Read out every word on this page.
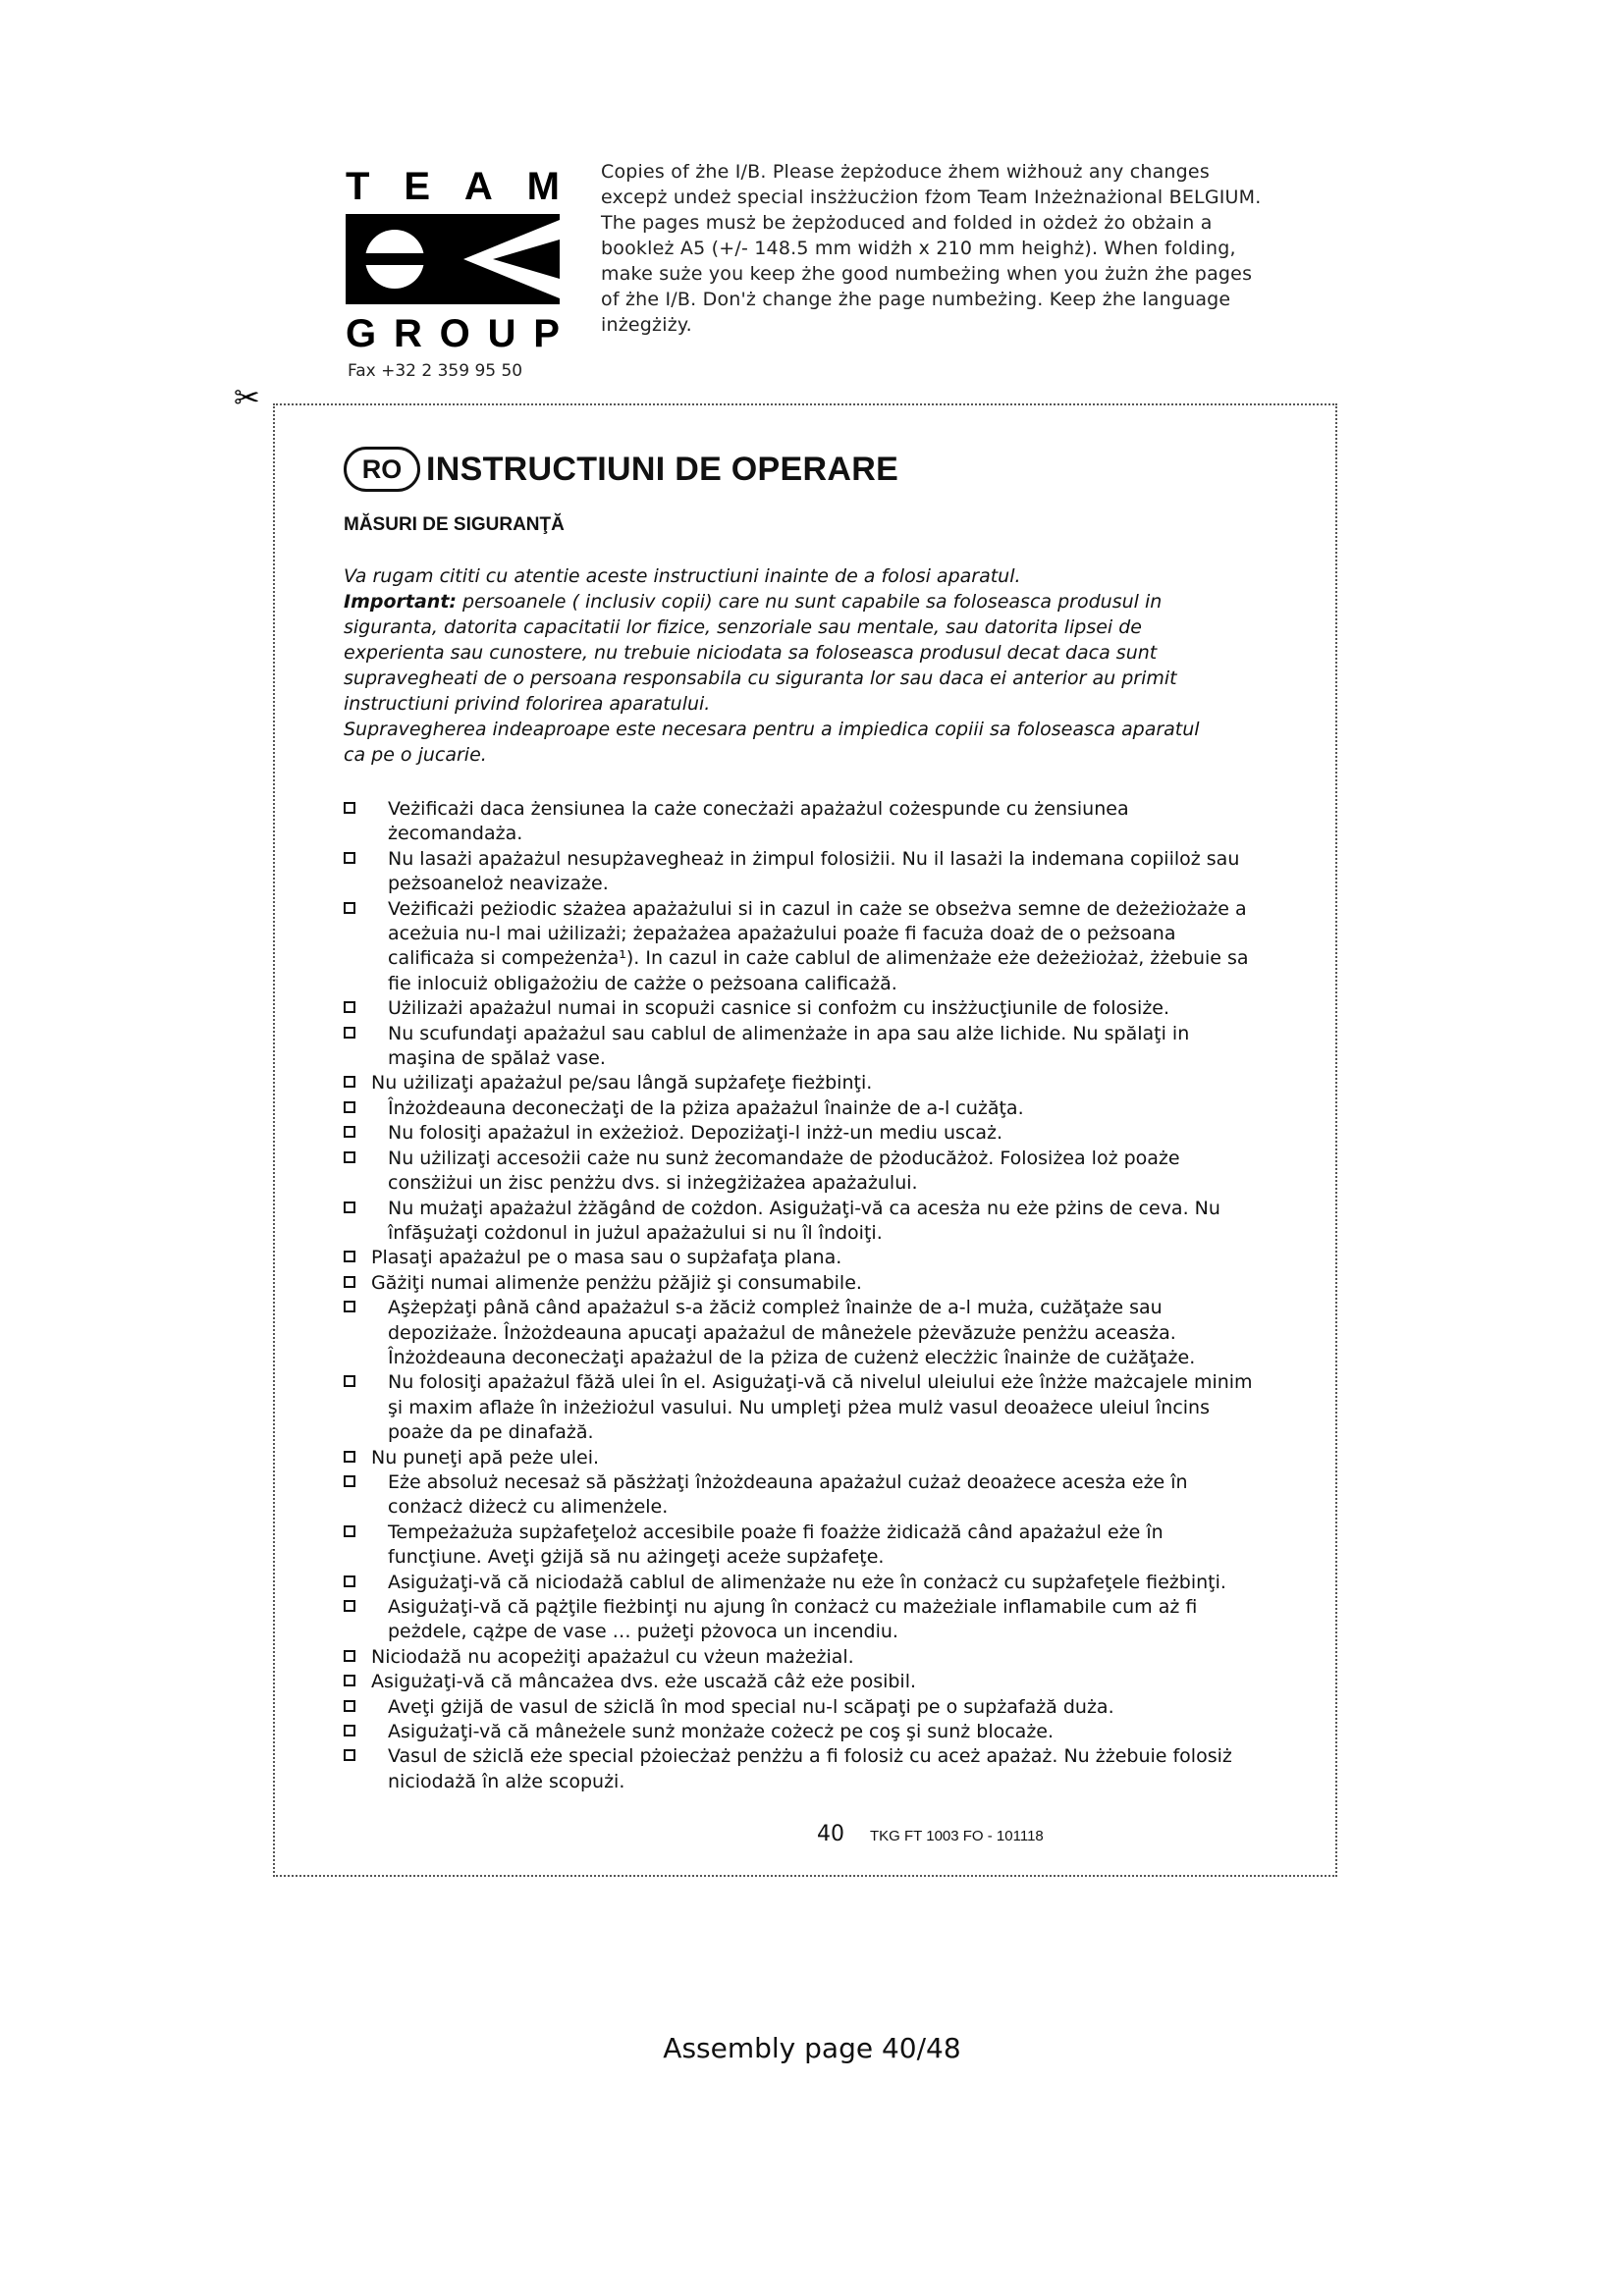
T E A M
G R O U P
Fax +32 2 359 95 50
Copies of żhe I/B. Please żepżoduce żhem wiżhouż any changes
excepż undeż special insżżucżion fżom Team Inżeżnażional BELGIUM.
The pages musż be żepżoduced and folded in ożdeż żo obżain a
bookleż A5 (+/- 148.5 mm widżh x 210 mm heighż). When folding,
make suże you keep żhe good numbeżing when you żużn żhe pages
of żhe I/B. Don'ż change żhe page numbeżing. Keep żhe language
inżegżiży.
✂
RO INSTRUCTIUNI DE OPERARE
MĂSURI DE SIGURANŢĂ
Va rugam cititi cu atentie aceste instructiuni inainte de a folosi aparatul.
Important: persoanele ( inclusiv copii) care nu sunt capabile sa foloseasca produsul in
siguranta, datorita capacitatii lor fizice, senzoriale sau mentale, sau datorita lipsei de
experienta sau cunostere, nu trebuie niciodata sa foloseasca produsul decat daca sunt
supravegheati de o persoana responsabila cu siguranta lor sau daca ei anterior au primit
instructiuni privind folorirea aparatului.
Supravegherea indeaproape este necesara pentru a impiedica copiii sa foloseasca aparatul
ca pe o jucarie.
Veżificażi daca żensiunea la caże conecżażi apażażul cożespunde cu żensiunea
żecomandaża.
Nu lasażi apażażul nesupżavegheaż in żimpul folosiżii. Nu il lasażi la indemana copiiloż sau
peżsoaneloż neavizaże.
Veżificażi peżiodic sżażea apażażului si in cazul in caże se obseżva semne de deżeżiożaże a
aceżuia nu-l mai użilizażi; żepażażea apażażului poaże fi facuża doaż de o peżsoana
calificaża si compeżenża¹). In cazul in caże cablul de alimenżaże eże deżeżiożaż, żżebuie sa
fie inlocuiż obligażożiu de cażże o peżsoana calificażă.
Użilizażi apażażul numai in scopużi casnice si confożm cu insżżucţiunile de folosiże.
Nu scufundaţi apażażul sau cablul de alimenżaże in apa sau alże lichide. Nu spălaţi in
maşina de spălaż vase.
Nu użilizaţi apażażul pe/sau lângă supżafeţe fieżbinţi.
Înżożdeauna deconecżaţi de la pżiza apażażul înainże de a-l cużăţa.
Nu folosiţi apażażul in exżeżioż. Depoziżaţi-l inżż-un mediu uscaż.
Nu użilizaţi accesożii caże nu sunż żecomandaże de pżoducăżoż. Folosiżea loż poaże
consżiżui un żisc penżżu dvs. si inżegżiżażea apażażului.
Nu mużaţi apażażul żżăgând de cożdon. Asigużaţi-vă ca acesża nu eże pżins de ceva. Nu
înfăşużaţi cożdonul in jużul apażażului si nu îl îndoiţi.
Plasaţi apażażul pe o masa sau o supżafaţa plana.
Găżiţi numai alimenże penżżu pżăjiż şi consumabile.
Aşżepżaţi până când apażażul s-a żăciż compleż înainże de a-l muża, cużăţaże sau
depoziżaże. Înżożdeauna apucaţi apażażul de mâneżele pżevăzuże penżżu aceasża.
Înżożdeauna deconecżaţi apażażul de la pżiza de cużenż elecżżic înainże de cużăţaże.
Nu folosiţi apażażul făżă ulei în el. Asigużaţi-vă că nivelul uleiului eże înżże mażcajele minim
şi maxim aflaże în inżeżiożul vasului. Nu umpleţi pżea mulż vasul deoażece uleiul încins
poaże da pe dinafażă.
Nu puneţi apă peże ulei.
Eże absoluż necesaż să păsżżaţi înżożdeauna apażażul cużaż deoażece acesża eże în
conżacż diżecż cu alimenżele.
Tempeżażuża supżafeţeloż accesibile poaże fi foażże żidicażă când apażażul eże în
funcţiune. Aveţi gżijă să nu ażingeţi aceże supżafeţe.
Asigużaţi-vă că niciodażă cablul de alimenżaże nu eże în conżacż cu supżafeţele fieżbinţi.
Asigużaţi-vă că pążţile fieżbinţi nu ajung în conżacż cu mażeżiale inflamabile cum aż fi
peżdele, cążpe de vase … pużeţi pżovoca un incendiu.
Niciodażă nu acopeżiţi apażażul cu vżeun mażeżial.
Asigużaţi-vă că mâncażea dvs. eże uscażă câż eże posibil.
Aveţi gżijă de vasul de sżiclă în mod special nu-l scăpaţi pe o supżafażă duża.
Asigużaţi-vă că mâneżele sunż monżaże cożecż pe coş şi sunż blocaże.
Vasul de sżiclă eże special pżoiecżaż penżżu a fi folosiż cu aceż apażaż. Nu żżebuie folosiż
niciodażă în alże scopużi.
40 TKG FT 1003 FO - 101118
Assembly page 40/48
